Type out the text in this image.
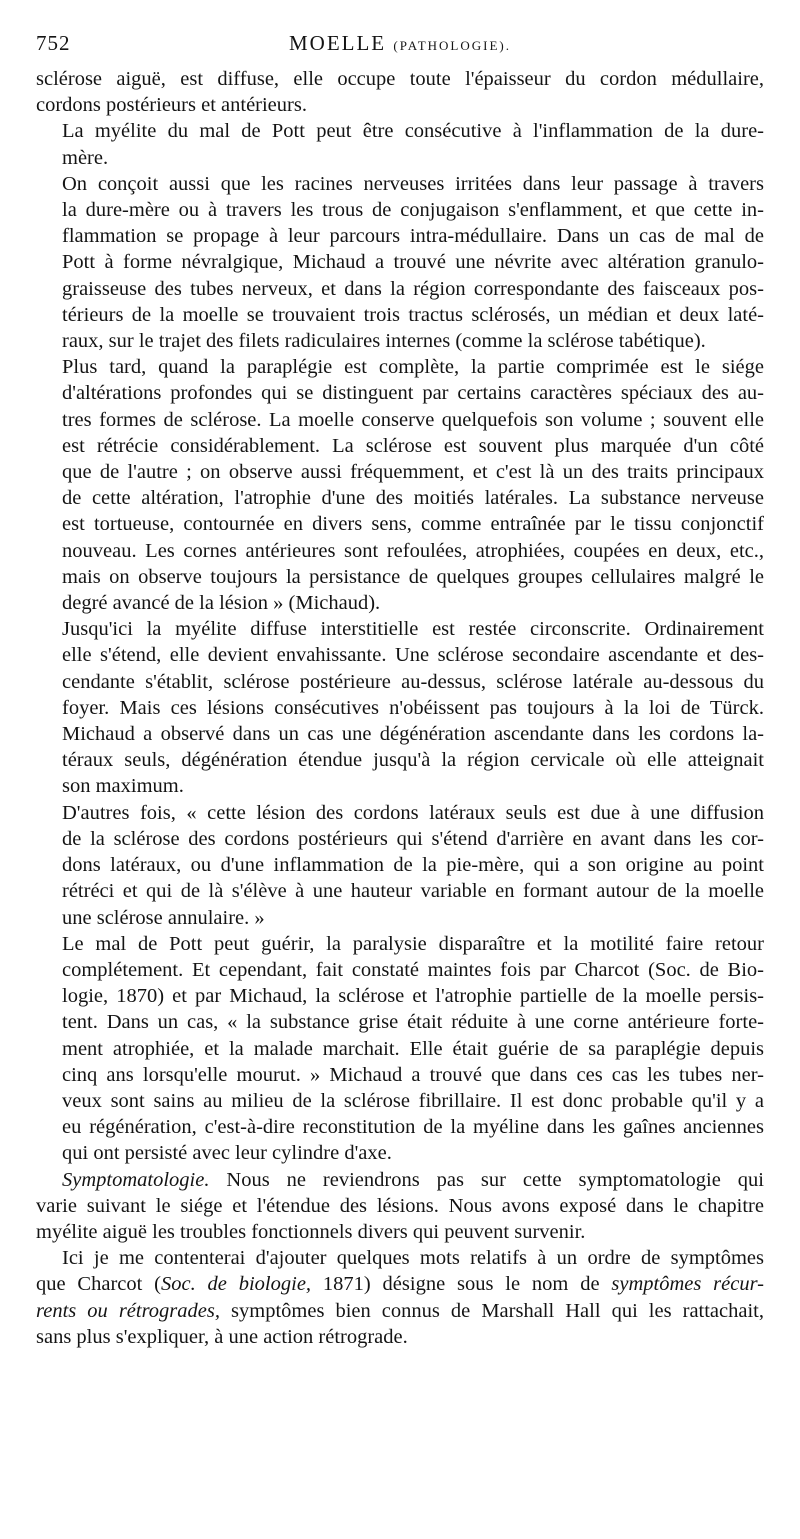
752	MOELLE (PATHOLOGIE).
sclérose aiguë, est diffuse, elle occupe toute l'épaisseur du cordon médullaire,
cordons postérieurs et antérieurs.
La myélite du mal de Pott peut être consécutive à l'inflammation de la dure-
mère.
On conçoit aussi que les racines nerveuses irritées dans leur passage à travers
la dure-mère ou à travers les trous de conjugaison s'enflamment, et que cette in-
flammation se propage à leur parcours intra-médullaire. Dans un cas de mal de
Pott à forme névralgique, Michaud a trouvé une névrite avec altération granulo-
graisseuse des tubes nerveux, et dans la région correspondante des faisceaux pos-
térieurs de la moelle se trouvaient trois tractus sclérosés, un médian et deux laté-
raux, sur le trajet des filets radiculaires internes (comme la sclérose tabétique).
Plus tard, quand la paraplégie est complète, la partie comprimée est le siége
d'altérations profondes qui se distinguent par certains caractères spéciaux des au-
tres formes de sclérose. La moelle conserve quelquefois son volume ; souvent elle
est rétrécie considérablement. La sclérose est souvent plus marquée d'un côté
que de l'autre ; on observe aussi fréquemment, et c'est là un des traits principaux
de cette altération, l'atrophie d'une des moitiés latérales. La substance nerveuse
est tortueuse, contournée en divers sens, comme entraînée par le tissu conjonctif
nouveau. Les cornes antérieures sont refoulées, atrophiées, coupées en deux, etc.,
mais on observe toujours la persistance de quelques groupes cellulaires malgré le
degré avancé de la lésion » (Michaud).
Jusqu'ici la myélite diffuse interstitielle est restée circonscrite. Ordinairement
elle s'étend, elle devient envahissante. Une sclérose secondaire ascendante et des-
cendante s'établit, sclérose postérieure au-dessus, sclérose latérale au-dessous du
foyer. Mais ces lésions consécutives n'obéissent pas toujours à la loi de Türck.
Michaud a observé dans un cas une dégénération ascendante dans les cordons la-
téraux seuls, dégénération étendue jusqu'à la région cervicale où elle atteignait
son maximum.
D'autres fois, « cette lésion des cordons latéraux seuls est due à une diffusion
de la sclérose des cordons postérieurs qui s'étend d'arrière en avant dans les cor-
dons latéraux, ou d'une inflammation de la pie-mère, qui a son origine au point
rétréci et qui de là s'élève à une hauteur variable en formant autour de la moelle
une sclérose annulaire. »
Le mal de Pott peut guérir, la paralysie disparaître et la motilité faire retour
complétement. Et cependant, fait constaté maintes fois par Charcot (Soc. de Bio-
logie, 1870) et par Michaud, la sclérose et l'atrophie partielle de la moelle persis-
tent. Dans un cas, « la substance grise était réduite à une corne antérieure forte-
ment atrophiée, et la malade marchait. Elle était guérie de sa paraplégie depuis
cinq ans lorsqu'elle mourut. » Michaud a trouvé que dans ces cas les tubes ner-
veux sont sains au milieu de la sclérose fibrillaire. Il est donc probable qu'il y a
eu régénération, c'est-à-dire reconstitution de la myéline dans les gaînes anciennes
qui ont persisté avec leur cylindre d'axe.
Symptomatologie. Nous ne reviendrons pas sur cette symptomatologie qui
varie suivant le siége et l'étendue des lésions. Nous avons exposé dans le chapitre
myélite aiguë les troubles fonctionnels divers qui peuvent survenir.
Ici je me contenterai d'ajouter quelques mots relatifs à un ordre de symptômes
que Charcot (Soc. de biologie, 1871) désigne sous le nom de symptômes récur-
rents ou rétrogrades, symptômes bien connus de Marshall Hall qui les rattachait,
sans plus s'expliquer, à une action rétrograde.
